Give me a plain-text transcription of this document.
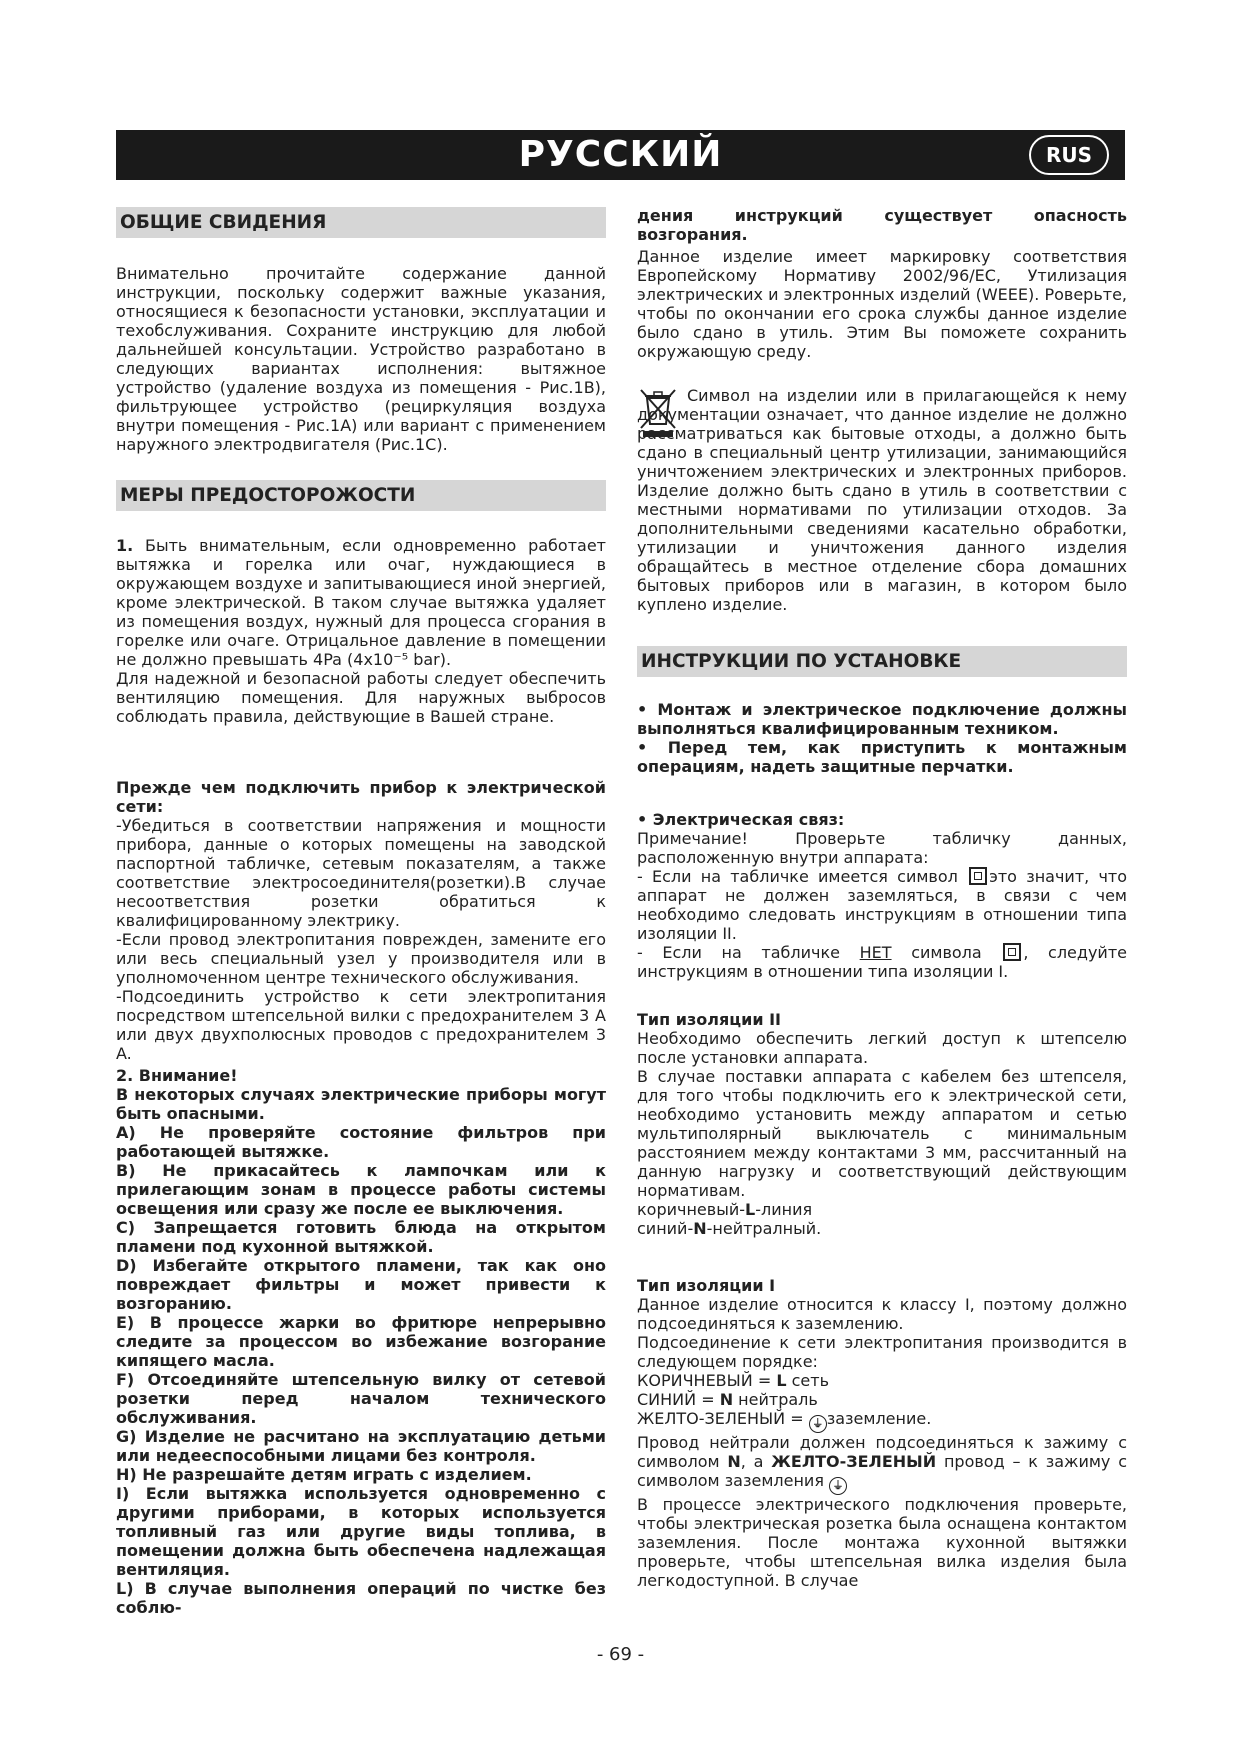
РУССКИЙ	RUS
ОБЩИЕ СВИДЕНИЯ

Внимательно прочитайте содержание данной инструкции, поскольку содержит важные указания, относящиеся к безопасности установки, эксплуатации и техобслуживания. Сохраните инструкцию для любой дальнейшей консультации. Устройство разработано в следующих вариантах исполнения: вытяжное устройство (удаление воздуха из помещения - Рис.1B), фильтрующее устройство (рециркуляция воздуха внутри помещения - Рис.1A) или вариант с применением наружного электродвигателя (Рис.1C).

МЕРЫ ПРЕДОСТОРОЖОСТИ

1. Быть внимательным, если одновременно работает вытяжка и горелка или очаг, нуждающиеся в окружающем воздухе и запитывающиеся иной энергией, кроме электрической. В таком случае вытяжка удаляет из помещения воздух, нужный для процесса сгорания в горелке или очаге. Отрицальное давление в помещении не должно превышать 4Pa (4x10⁻⁵ bar).

Для надежной и безопасной работы следует обеспечить вентиляцию помещения. Для наружных выбросов соблюдать правила, действующие в Вашей стране.

Прежде чем подключить прибор к электрической сети:

-Убедиться в соответствии напряжения и мощности прибора, данные о которых помещены на заводской паспортной табличке, сетевым показателям, а также соответствие электросоединителя(розетки).В случае несоответствия розетки обратиться к квалифицированному электрику.

-Если провод электропитания поврежден, замените его или весь специальный узел у производителя или в уполномоченном центре технического обслуживания.

-Подсоединить устройство к сети электропитания посредством штепсельной вилки с предохранителем 3 A или двух двухполюсных проводов с предохранителем 3 A.

2. Внимание!

В некоторых случаях электрические приборы могут быть опасными.

A) Не проверяйте состояние фильтров при работающей вытяжке.

B) Не прикасайтесь к лампочкам или к прилегающим зонам в процессе работы системы освещения или сразу же после ее выключения.

C) Запрещается готовить блюда на открытом пламени под кухонной вытяжкой.

D) Избегайте открытого пламени, так как оно повреждает фильтры и может привести к возгоранию.

E) В процессе жарки во фритюре непрерывно следите за процессом во избежание возгорание кипящего масла.

F) Отсоединяйте штепсельную вилку от сетевой розетки перед началом технического обслуживания.

G) Изделие не расчитано на эксплуатацию детьми или недееспособными лицами без контроля.

H) Не разрешайте детям играть с изделием.

I) Если вытяжка используется одновременно с другими приборами, в которых используется топливный газ или другие виды топлива, в помещении должна быть обеспечена надлежащая вентиляция.

L) В случае выполнения операций по чистке без соблю-

дения инструкций существует опасность возгорания.

Данное изделие имеет маркировку соответствия Европейскому Нормативу 2002/96/EC, Утилизация электрических и электронных изделий (WEEE). Роверьте, чтобы по окончании его срока службы данное изделие было сдано в утиль. Этим Вы поможете сохранить окружающую среду.

Символ на изделии или в прилагающейся к нему документации означает, что данное изделие не должно рассматриваться как бытовые отходы, а должно быть сдано в специальный центр утилизации, занимающийся уничтожением электрических и электронных приборов. Изделие должно быть сдано в утиль в соответствии с местными нормативами по утилизации отходов. За дополнительными сведениями касательно обработки, утилизации и уничтожения данного изделия обращайтесь в местное отделение сбора домашних бытовых приборов или в магазин, в котором было куплено изделие.

ИНСТРУКЦИИ ПО УСТАНОВКЕ

• Монтаж и электрическое подключение должны выполняться квалифицированным техником.

• Перед тем, как приступить к монтажным операциям, надеть защитные перчатки.

• Электрическая связ:

Примечание! Проверьте табличку данных, расположенную внутри аппарата:

- Если на табличке имеется символ это значит, что аппарат не должен заземляться, в связи с чем необходимо следовать инструкциям в отношении типа изоляции II.

- Если на табличке НЕТ символа	, следуйте инструкциям в отношении типа изоляции I.

Тип изоляции II

Необходимо обеспечить легкий доступ к штепселю после установки аппарата.

В случае поставки аппарата с кабелем без штепселя, для того чтобы подключить его к электрической сети, необходимо установить между аппаратом и сетью мультиполярный выключатель с минимальным расстоянием между контактами 3 мм, рассчитанный на данную нагрузку и соответствующий действующим нормативам.

коричневый-L-линия

синий-N-нейтралный.

Тип изоляции I

Данное изделие относится к классу I, поэтому должно подсоединяться к заземлению.

Подсоединение к сети электропитания производится в следующем порядке:

КОРИЧНЕВЫЙ = L сеть

СИНИЙ = N нейтраль

ЖЕЛТО-ЗЕЛЕНЫЙ = ⏚ заземление.

Провод нейтрали должен подсоединяться к зажиму с символом N, а ЖЕЛТО-ЗЕЛЕНЫЙ провод – к зажиму с символом заземления ⏚

В процессе электрического подключения проверьте, чтобы электрическая розетка была оснащена контактом заземления. После монтажа кухонной вытяжки проверьте, чтобы штепсельная вилка изделия была легкодоступной. В случае

- 69 -
